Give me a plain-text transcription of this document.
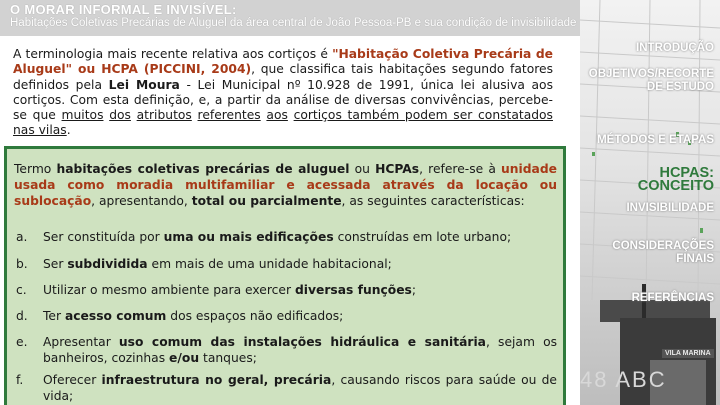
O MORAR INFORMAL E INVISÍVEL:
Habitações Coletivas Precárias de Aluguel da área central de João Pessoa-PB e sua condição de invisibilidade
A terminologia mais recente relativa aos cortiços é "Habitação Coletiva Precária de Aluguel" ou HCPA (PICCINI, 2004), que classifica tais habitações segundo fatores definidos pela Lei Moura - Lei Municipal nº 10.928 de 1991, única lei alusiva aos cortiços. Com esta definição, e, a partir da análise de diversas convivências, percebe-se que muitos dos atributos referentes aos cortiços também podem ser constatados nas vilas.
Termo habitações coletivas precárias de aluguel ou HCPAs, refere-se à unidade usada como moradia multifamiliar e acessada através da locação ou sublocação, apresentando, total ou parcialmente, as seguintes características:
a. Ser constituída por uma ou mais edificações construídas em lote urbano;
b. Ser subdividida em mais de uma unidade habitacional;
c. Utilizar o mesmo ambiente para exercer diversas funções;
d. Ter acesso comum dos espaços não edificados;
e. Apresentar uso comum das instalações hidráulica e sanitária, sejam os banheiros, cozinhas e/ou tanques;
f. Oferecer infraestrutura no geral, precária, causando riscos para saúde ou de vida;
VILA MARINA
48 ABC
INTRODUÇÃO
OBJETIVOS/RECORTE
DE ESTUDO
MÉTODOS E ETAPAS
HCPAS: CONCEITO
INVISIBILIDADE
CONSIDERAÇÕES FINAIS
REFERÊNCIAS
